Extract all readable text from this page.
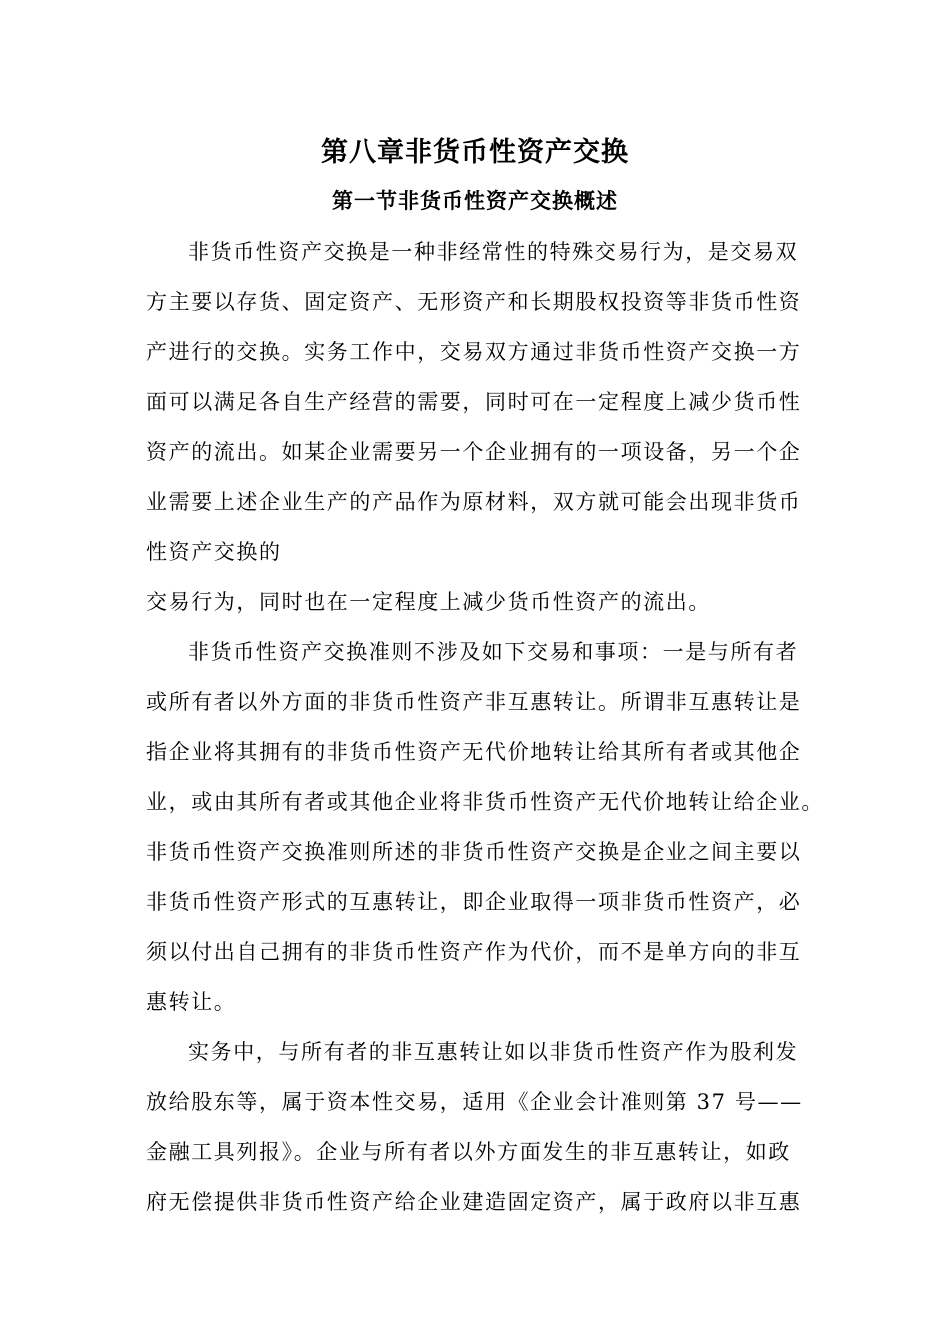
第八章非货币性资产交换
第一节非货币性资产交换概述
非货币性资产交换是一种非经常性的特殊交易行为，是交易双
方主要以存货、固定资产、无形资产和长期股权投资等非货币性资
产进行的交换。实务工作中，交易双方通过非货币性资产交换一方
面可以满足各自生产经营的需要，同时可在一定程度上减少货币性
资产的流出。如某企业需要另一个企业拥有的一项设备，另一个企
业需要上述企业生产的产品作为原材料，双方就可能会出现非货币
性资产交换的
交易行为，同时也在一定程度上减少货币性资产的流出。
非货币性资产交换准则不涉及如下交易和事项：一是与所有者
或所有者以外方面的非货币性资产非互惠转让。所谓非互惠转让是
指企业将其拥有的非货币性资产无代价地转让给其所有者或其他企
业，或由其所有者或其他企业将非货币性资产无代价地转让给企业。
非货币性资产交换准则所述的非货币性资产交换是企业之间主要以
非货币性资产形式的互惠转让，即企业取得一项非货币性资产，必
须以付出自己拥有的非货币性资产作为代价，而不是单方向的非互
惠转让。
实务中，与所有者的非互惠转让如以非货币性资产作为股利发
放给股东等，属于资本性交易，适用《企业会计准则第 37 号——
金融工具列报》。企业与所有者以外方面发生的非互惠转让，如政
府无偿提供非货币性资产给企业建造固定资产，属于政府以非互惠
